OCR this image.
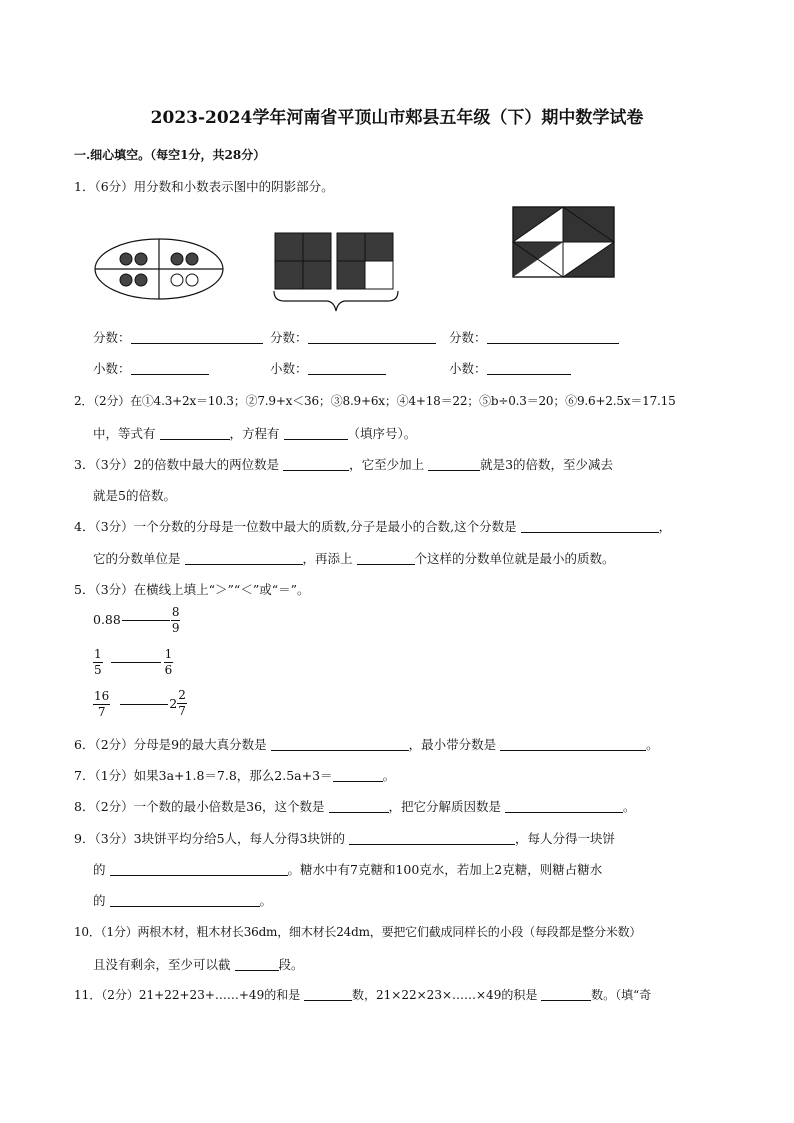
2023-2024学年河南省平顶山市郏县五年级（下）期中数学试卷
一.细心填空。（每空1分，共28分）
1．（6分）用分数和小数表示图中的阴影部分。
分数：	分数：	分数：
小数：	小数：	小数：
2．（2分）在①4.3+2x＝10.3；②7.9+x＜36；③8.9+6x；④4+18＝22；⑤b÷0.3＝20；⑥9.6+2.5x＝17.15
中，等式有	，方程有	（填序号）。
3．（3分）2的倍数中最大的两位数是	，它至少加上	就是3的倍数，至少减去
就是5的倍数。
4．（3分）一个分数的分母是一位数中最大的质数,分子是最小的合数,这个分数是	，
它的分数单位是	，再添上	个这样的分数单位就是最小的质数。
5．（3分）在横线上填上“＞”“＜”或“＝”。
0.88	$\frac{8}{9}$
$\frac{1}{5}$	$\frac{1}{6}$
$\frac{16}{7}$	$2 \frac{2}{7}$
6．（2分）分母是9的最大真分数是	，最小带分数是	。
7．（1分）如果3a+1.8＝7.8，那么2.5a+3＝	。
8．（2分）一个数的最小倍数是36，这个数是	，把它分解质因数是	。
9．（3分）3块饼平均分给5人，每人分得3块饼的	，每人分得一块饼
的	。糖水中有7克糖和100克水，若加上2克糖，则糖占糖水
的	。
10．（1分）两根木材，粗木材长36dm，细木材长24dm，要把它们截成同样长的小段（每段都是整分米数）
且没有剩余，至少可以截	段。
11．（2分）21+22+23+……+49的和是	数，21×22×23×……×49的积是	数。（填“奇
